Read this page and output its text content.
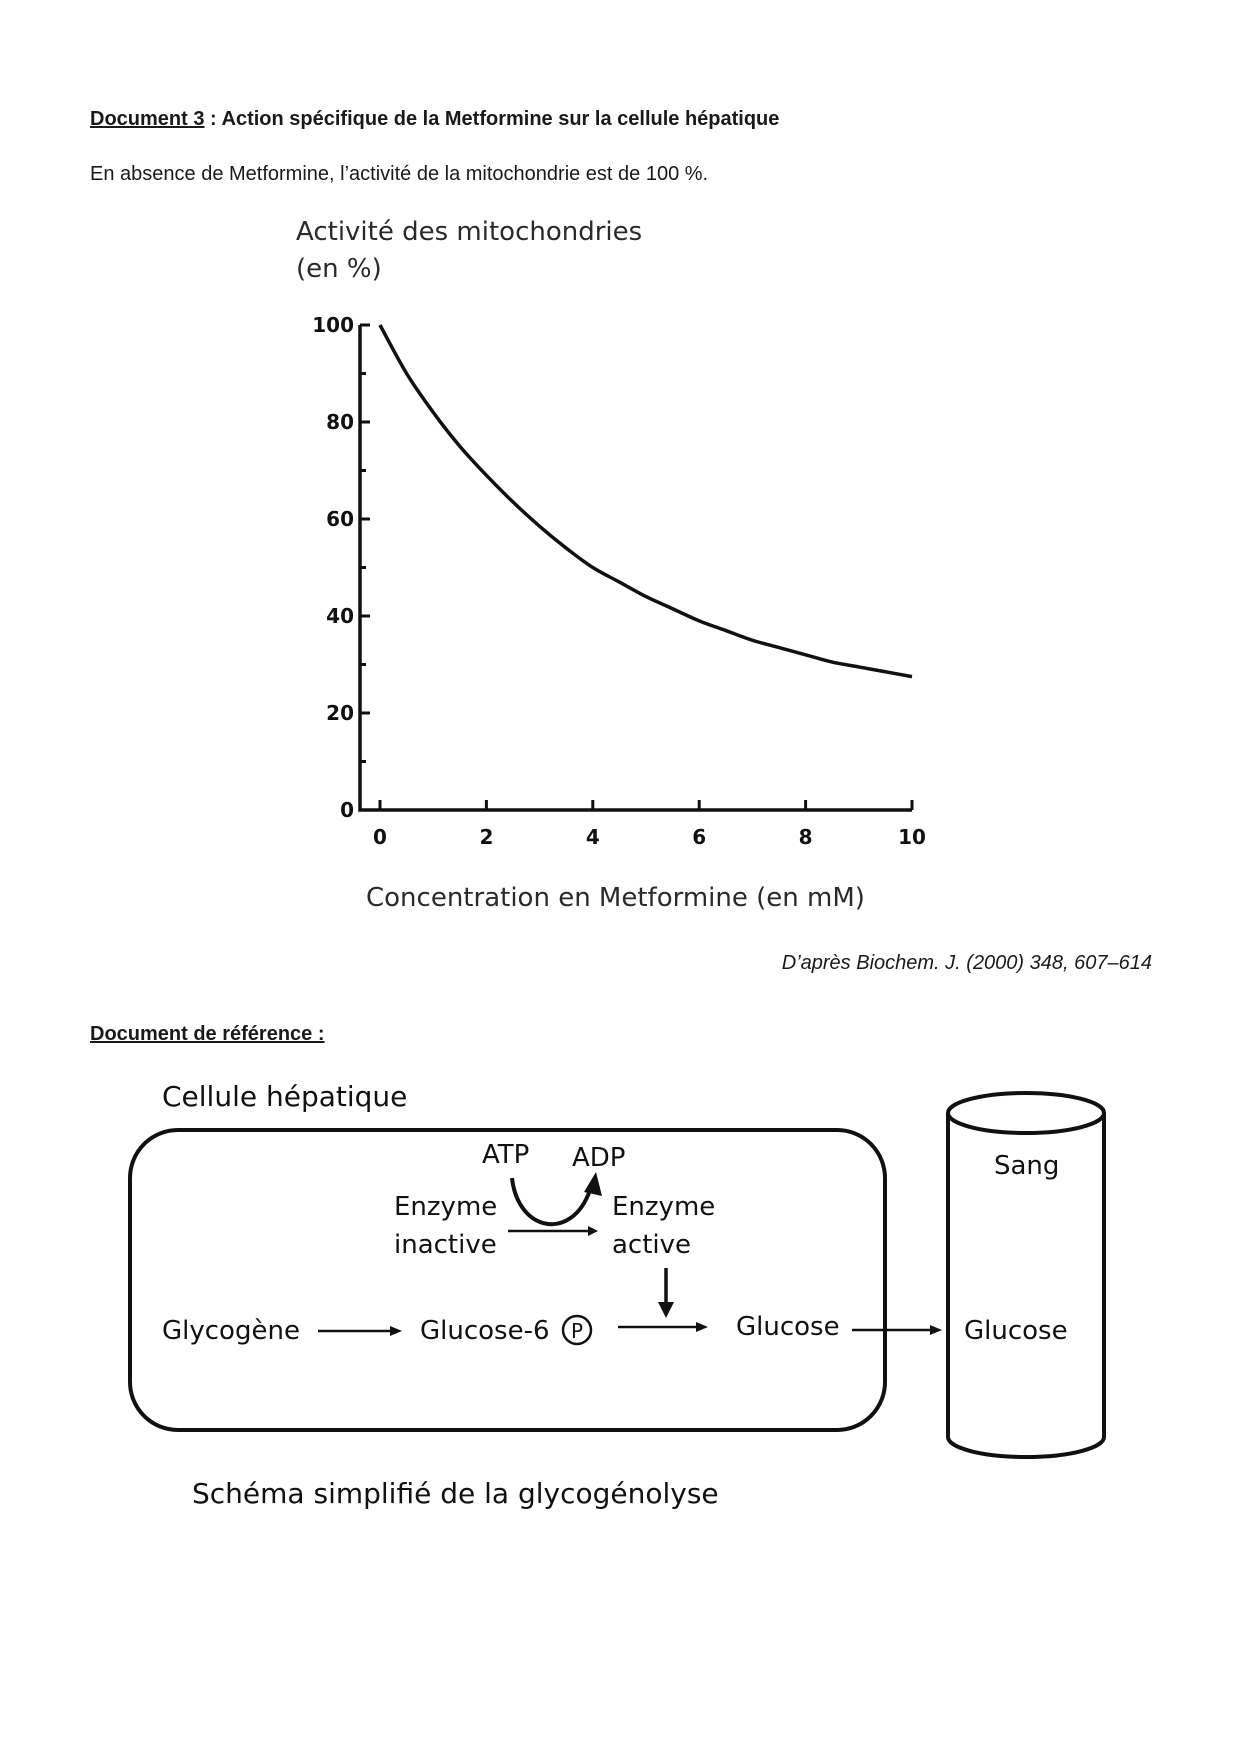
Document 3 : Action spécifique de la Metformine sur la cellule hépatique
En absence de Metformine, l’activité de la mitochondrie est de 100 %.
Activité des mitochondries
(en %)
0
20
40
60
80
100
0	2	4	6	8	10
Concentration en Metformine (en mM)
Cellule hépatique
ATP ADP
Enzyme
inactive
Enzyme
active
Glycogène	Glucose-6 P	Glucose
Sang
Glucose
Schéma simplifié de la glycogénolyse
D’après Biochem. J. (2000) 348, 607–614
Document de référence :
